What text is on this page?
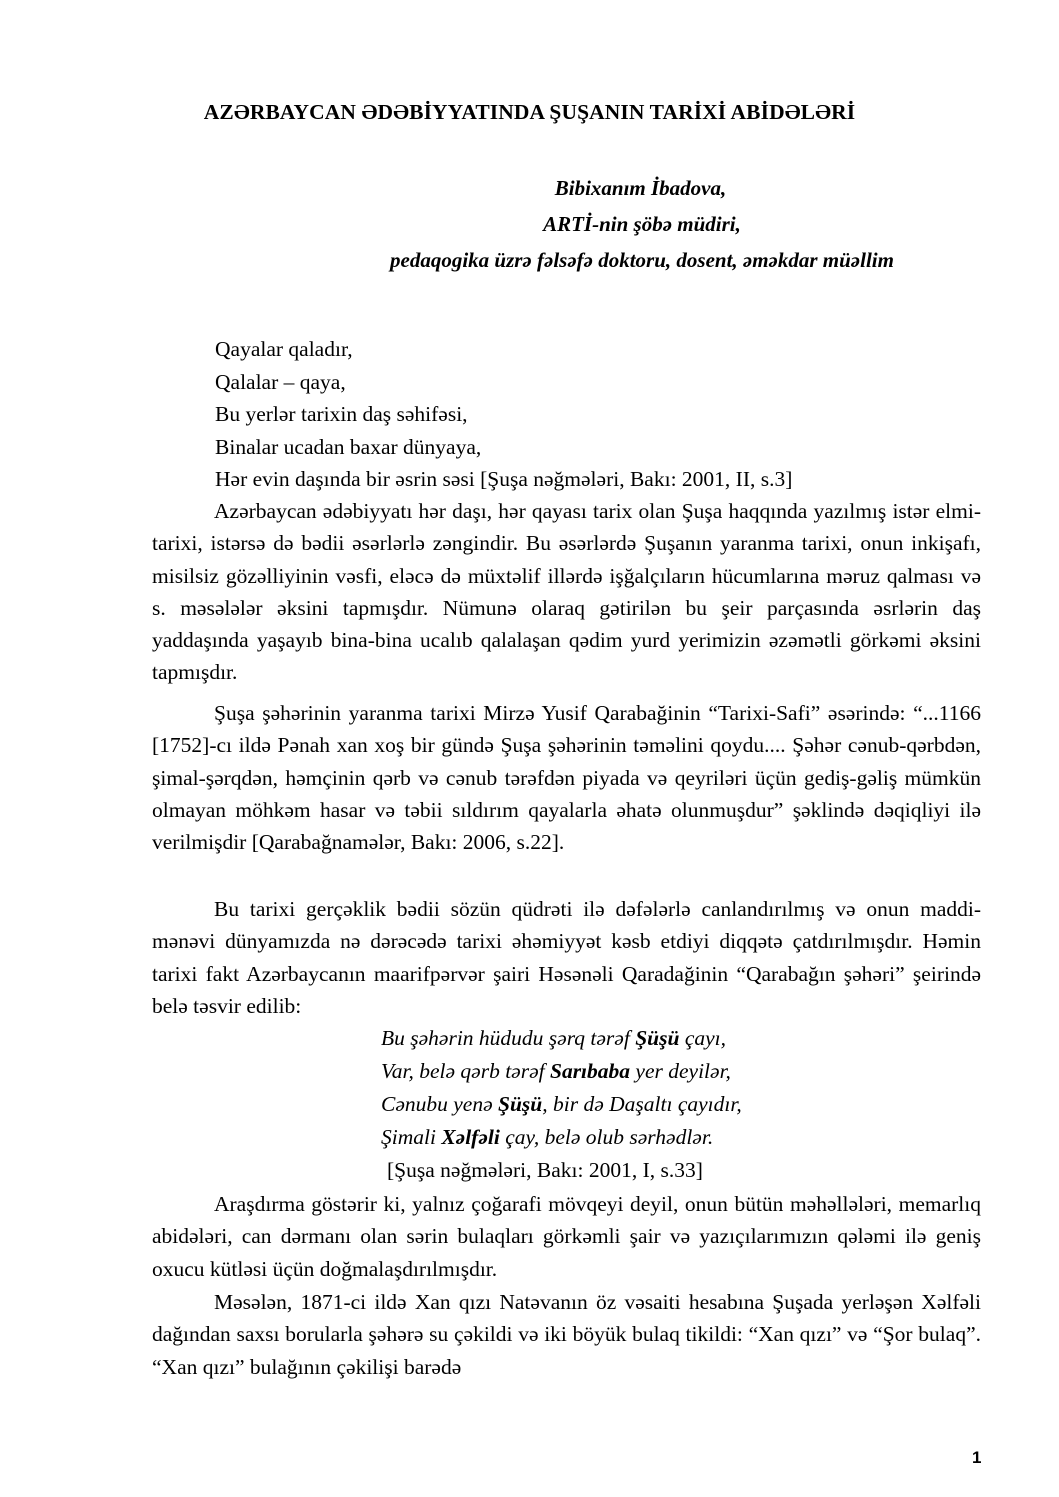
AZƏRBAYCAN ƏDƏBİYYATINDA ŞUŞANIN TARİXİ ABİDƏLƏRİ
Bibixanım İbadova,
ARTİ-nin şöbə müdiri,
pedaqogika üzrə fəlsəfə doktoru, dosent, əməkdar müəllim
Qayalar qaladır,
Qalalar – qaya,
Bu yerlər tarixin daş səhifəsi,
Binalar ucadan baxar dünyaya,
Hər evin daşında bir əsrin səsi [Şuşa nəğmələri, Bakı: 2001, II, s.3]

Azərbaycan ədəbiyyatı hər daşı, hər qayası tarix olan Şuşa haqqında yazılmış istər elmi-tarixi, istərsə də bədii əsərlərlə zəngindir. Bu əsərlərdə Şuşanın yaranma tarixi, onun inkişafı, misilsiz gözəlliyinin vəsfi, eləcə də müxtəlif illərdə işğalçıların hücumlarına məruz qalması və s. məsələlər əksini tapmışdır. Nümunə olaraq gətirilən bu şeir parçasında əsrlərin daş yaddaşında yaşayıb bina-bina ucalıb qalalaşan qədim yurd yerimizin əzəmətli görkəmi əksini tapmışdır.

Şuşa şəhərinin yaranma tarixi Mirzə Yusif Qarabağinin “Tarixi-Safi” əsərində: “...1166 [1752]-cı ildə Pənah xan xoş bir gündə Şuşa şəhərinin təməlini qoydu.... Şəhər cənub-qərbdən, şimal-şərqdən, həmçinin qərb və cənub tərəfdən piyada və qeyriləri üçün gediş-gəliş mümkün olmayan möhkəm hasar və təbii sıldırım qayalarla əhatə olunmuşdur” şəklində dəqiqliyi ilə verilmişdir [Qarabağnamələr, Bakı: 2006, s.22].

Bu tarixi gerçəklik bədii sözün qüdrəti ilə dəfələrlə canlandırılmış və onun maddi-mənəvi dünyamızda nə dərəcədə tarixi əhəmiyyət kəsb etdiyi diqqətə çatdırılmışdır. Həmin tarixi fakt Azərbaycanın maarifpərvər şairi Həsənəli Qaradağinin “Qarabağın şəhəri” şeirində belə təsvir edilib:

Bu şəhərin hüdudu şərq tərəf Şüşü çayı,
Var, belə qərb tərəf Sarıbaba yer deyilər,
Cənubu yenə Şüşü, bir də Daşaltı çayıdır,
Şimali Xəlfəli çay, belə olub sərhədlər.
[Şuşa nəğmələri, Bakı: 2001, I, s.33]

Araşdırma göstərir ki, yalnız çoğarafi mövqeyi deyil, onun bütün məhəllələri, memarlıq abidələri, can dərmanı olan sərin bulaqları görkəmli şair və yazıçılarımızın qələmi ilə geniş oxucu kütləsi üçün doğmalaşdırılmışdır.

Məsələn, 1871-ci ildə Xan qızı Natəvanın öz vəsaiti hesabına Şuşada yerləşən Xəlfəli dağından saxsı borularla şəhərə su çəkildi və iki böyük bulaq tikildi: “Xan qızı” və “Şor bulaq”. “Xan qızı” bulağının çəkilişi barədə

1
